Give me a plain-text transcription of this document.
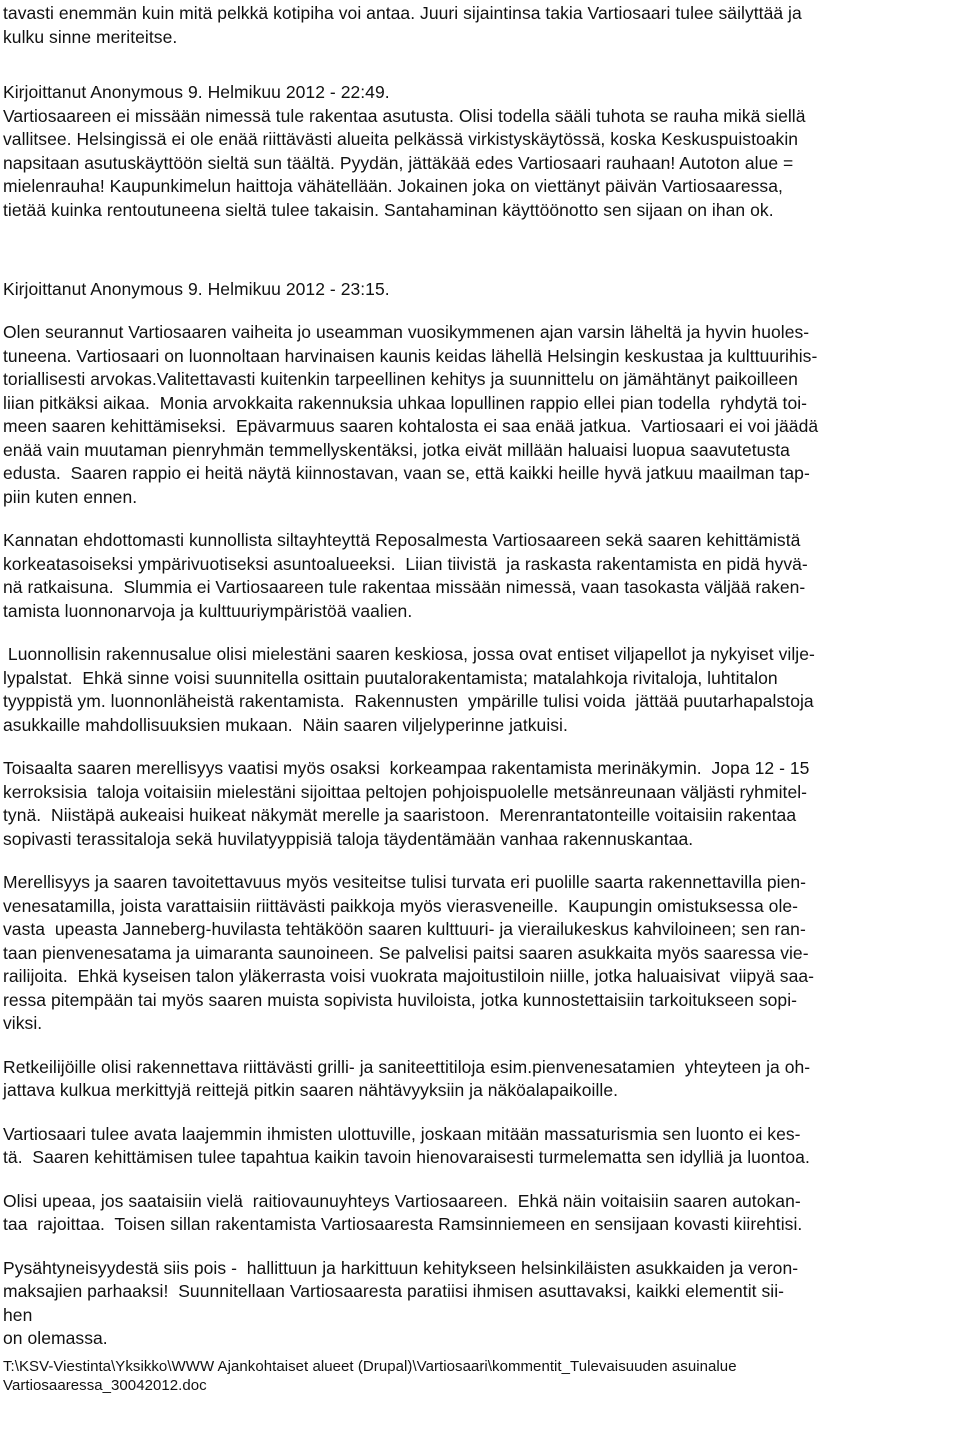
tavasti enemmän kuin mitä pelkkä kotipiha voi antaa. Juuri sijaintinsa takia Vartiosaari tulee säilyttää ja
kulku sinne meriteitse.
Kirjoittanut Anonymous 9. Helmikuu 2012 - 22:49.
Vartiosaareen ei missään nimessä tule rakentaa asutusta. Olisi todella sääli tuhota se rauha mikä siellä
vallitsee. Helsingissä ei ole enää riittävästi alueita pelkässä virkistyskäytössä, koska Keskuspuistoakin
napsitaan asutuskäyttöön sieltä sun täältä. Pyydän, jättäkää edes Vartiosaari rauhaan! Autoton alue =
mielenrauha! Kaupunkimelun haittoja vähätellään. Jokainen joka on viettänyt päivän Vartiosaaressa,
tietää kuinka rentoutuneena sieltä tulee takaisin. Santahaminan käyttöönotto sen sijaan on ihan ok.
Kirjoittanut Anonymous 9. Helmikuu 2012 - 23:15.
Olen seurannut Vartiosaaren vaiheita jo useamman vuosikymmenen ajan varsin läheltä ja hyvin huoles-
tuneena. Vartiosaari on luonnoltaan harvinaisen kaunis keidas lähellä Helsingin keskustaa ja kulttuurihis-
toriallisesti arvokas.Valitettavasti kuitenkin tarpeellinen kehitys ja suunnittelu on jämähtänyt paikoilleen
liian pitkäksi aikaa.  Monia arvokkaita rakennuksia uhkaa lopullinen rappio ellei pian todella  ryhdytä toi-
meen saaren kehittämiseksi.  Epävarmuus saaren kohtalosta ei saa enää jatkua.  Vartiosaari ei voi jäädä
enää vain muutaman pienryhmän temmellyskentäksi, jotka eivät millään haluaisi luopua saavutetusta
edusta.  Saaren rappio ei heitä näytä kiinnostavan, vaan se, että kaikki heille hyvä jatkuu maailman tap-
piin kuten ennen.
Kannatan ehdottomasti kunnollista siltayhteyttä Reposalmesta Vartiosaareen sekä saaren kehittämistä
korkeatasoiseksi ympärivuotiseksi asuntoalueeksi.  Liian tiivistä  ja raskasta rakentamista en pidä hyvä-
nä ratkaisuna.  Slummia ei Vartiosaareen tule rakentaa missään nimessä, vaan tasokasta väljää raken-
tamista luonnonarvoja ja kulttuuriympäristöä vaalien.
Luonnollisin rakennusalue olisi mielestäni saaren keskiosa, jossa ovat entiset viljapellot ja nykyiset vilje-
lypalstat.  Ehkä sinne voisi suunnitella osittain puutalorakentamista; matalahkoja rivitaloja, luhtitalon
tyyppistä ym. luonnonläheistä rakentamista.  Rakennusten  ympärille tulisi voida  jättää puutarhapalstoja
asukkaille mahdollisuuksien mukaan.  Näin saaren viljelyperinne jatkuisi.
Toisaalta saaren merellisyys vaatisi myös osaksi  korkeampaa rakentamista merinäkymin.  Jopa 12 - 15
kerroksisia  taloja voitaisiin mielestäni sijoittaa peltojen pohjoispuolelle metsänreunaan väljästi ryhmitel-
tynä.  Niistäpä aukeaisi huikeat näkymät merelle ja saaristoon.  Merenrantatonteille voitaisiin rakentaa
sopivasti terassitaloja sekä huvilatyyppisiä taloja täydentämään vanhaa rakennuskantaa.
Merellisyys ja saaren tavoitettavuus myös vesiteitse tulisi turvata eri puolille saarta rakennettavilla pien-
venesatamilla, joista varattaisiin riittävästi paikkoja myös vierasveneille.  Kaupungin omistuksessa ole-
vasta  upeasta Janneberg-huvilasta tehtäköön saaren kulttuuri- ja vierailukeskus kahviloineen; sen ran-
taan pienvenesatama ja uimaranta saunoineen. Se palvelisi paitsi saaren asukkaita myös saaressa vie-
railijoita.  Ehkä kyseisen talon yläkerrasta voisi vuokrata majoitustiloin niille, jotka haluaisivat  viipyä saa-
ressa pitempään tai myös saaren muista sopivista huviloista, jotka kunnostettaisiin tarkoitukseen sopi-
viksi.
Retkeilijöille olisi rakennettava riittävästi grilli- ja saniteettitiloja esim.pienvenesatamien  yhteyteen ja oh-
jattava kulkua merkittyjä reittejä pitkin saaren nähtävyyksiin ja näköalapaikoille.
Vartiosaari tulee avata laajemmin ihmisten ulottuville, joskaan mitään massaturismia sen luonto ei kes-
tä.  Saaren kehittämisen tulee tapahtua kaikin tavoin hienovaraisesti turmelematta sen idylliä ja luontoa.
Olisi upeaa, jos saataisiin vielä  raitiovaunuyhteys Vartiosaareen.  Ehkä näin voitaisiin saaren autokan-
taa  rajoittaa.  Toisen sillan rakentamista Vartiosaaresta Ramsinniemeen en sensijaan kovasti kiirehtisi.
Pysähtyneisyydestä siis pois -  hallittuun ja harkittuun kehitykseen helsinkiläisten asukkaiden ja veron-
maksajien parhaaksi!  Suunnitellaan Vartiosaaresta paratiisi ihmisen asuttavaksi, kaikki elementit sii-
hen
on olemassa.
T:\KSV-Viestinta\Yksikko\WWW Ajankohtaiset alueet (Drupal)\Vartiosaari\kommentit_Tulevaisuuden asuinalue
Vartiosaaressa_30042012.doc
